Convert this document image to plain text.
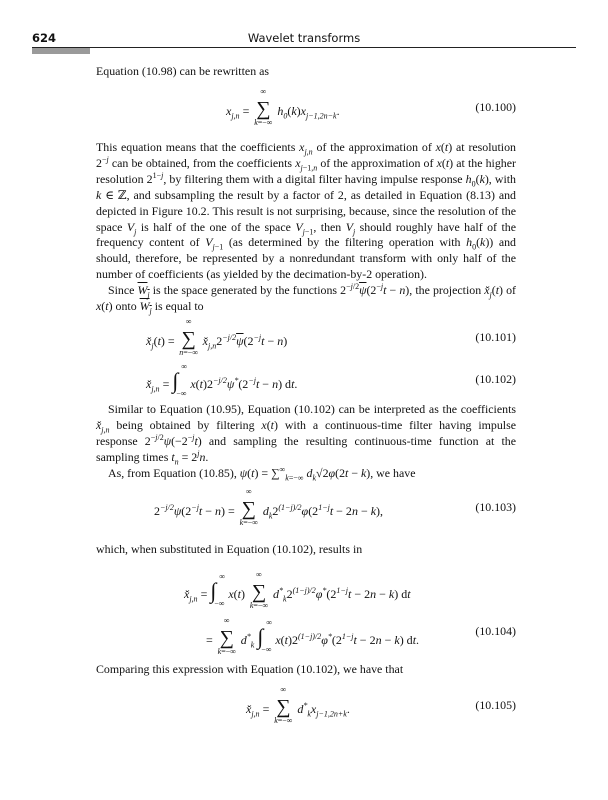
624	Wavelet transforms

Equation (10.98) can be rewritten as

$x_{j,n}$ =
∞
∑
k=−∞
$h_0(k)x_{j-1,2n-k}$.	(10.100)

This equation means that the coefficients $x_{j,n}$ of the approximation of x(t) at resolution $2^{-j}$ can be obtained, from the coefficients $x_{j-1,n}$ of the approximation of x(t) at the higher resolution $2^{1-j}$, by filtering them with a digital filter having impulse response $h_0(k)$, with k ∈ ℤ, and subsampling the result by a factor of 2, as detailed in Equation (8.13) and depicted in Figure 10.2. This result is not surprising, because, since the resolution of the space $V_j$ is half of the one of the space $V_{j-1}$, then $V_j$ should roughly have half of the frequency content of $V_{j-1}$ (as determined by the filtering operation with $h_0(k)$) and should, therefore, be represented by a nonredundant transform with only half of the number of coefficients (as yielded by the decimation-by-2 operation).

Since $W_j$ is the space generated by the functions $2^{-j/2}\overline{\psi}(2^{-j}t - n)$, the projection $x̌_j(t)$ of x(t) onto $W_j$ is equal to

$x̌_j(t)$ =
∞
∑
n=−∞
$x̌_{j,n}2^{-j/2}\overline{\psi}(2^{-j}t - n)$	(10.101)
$x̌_{j,n}$ =
∞
∫
−∞
$x(t)2^{-j/2}\psi^*(2^{-j}t - n)$ dt.	(10.102)

Similar to Equation (10.95), Equation (10.102) can be interpreted as the coefficients $x̌_{j,n}$ being obtained by filtering x(t) with a continuous-time filter having impulse response $2^{-j/2}\psi(-2^{-j}t)$ and sampling the resulting continuous-time function at the sampling times $t_n = 2^jn$.

As, from Equation (10.85), $\psi(t) = \sum^\infty_{k=-\infty}$ $d_k√2\varphi(2t - k)$, we have

$2^{-j/2}\psi(2^{-j}t - n)$ =
∞
∑
k=−∞
$d_k2^{(1-j)/2}\varphi(2^{1-j}t - 2n - k)$,	(10.103)

which, when substituted in Equation (10.102), results in

$x̌_{j,n}$ =
∞
∫
−∞
x(t)
∞
∑
k=−∞
$d^*_k2^{(1-j)/2}\varphi^*(2^{1-j}t - 2n - k)$ dt
=
∞
∑
k=−∞
$d^*_k$
∞
∫
−∞
$x(t)2^{(1-j)/2}\varphi^*(2^{1-j}t - 2n - k)$ dt.
(10.104)

Comparing this expression with Equation (10.102), we have that

$x̌_{j,n}$ =
∞
∑
k=−∞
$d^*_kx_{j-1,2n+k}$.	(10.105)
